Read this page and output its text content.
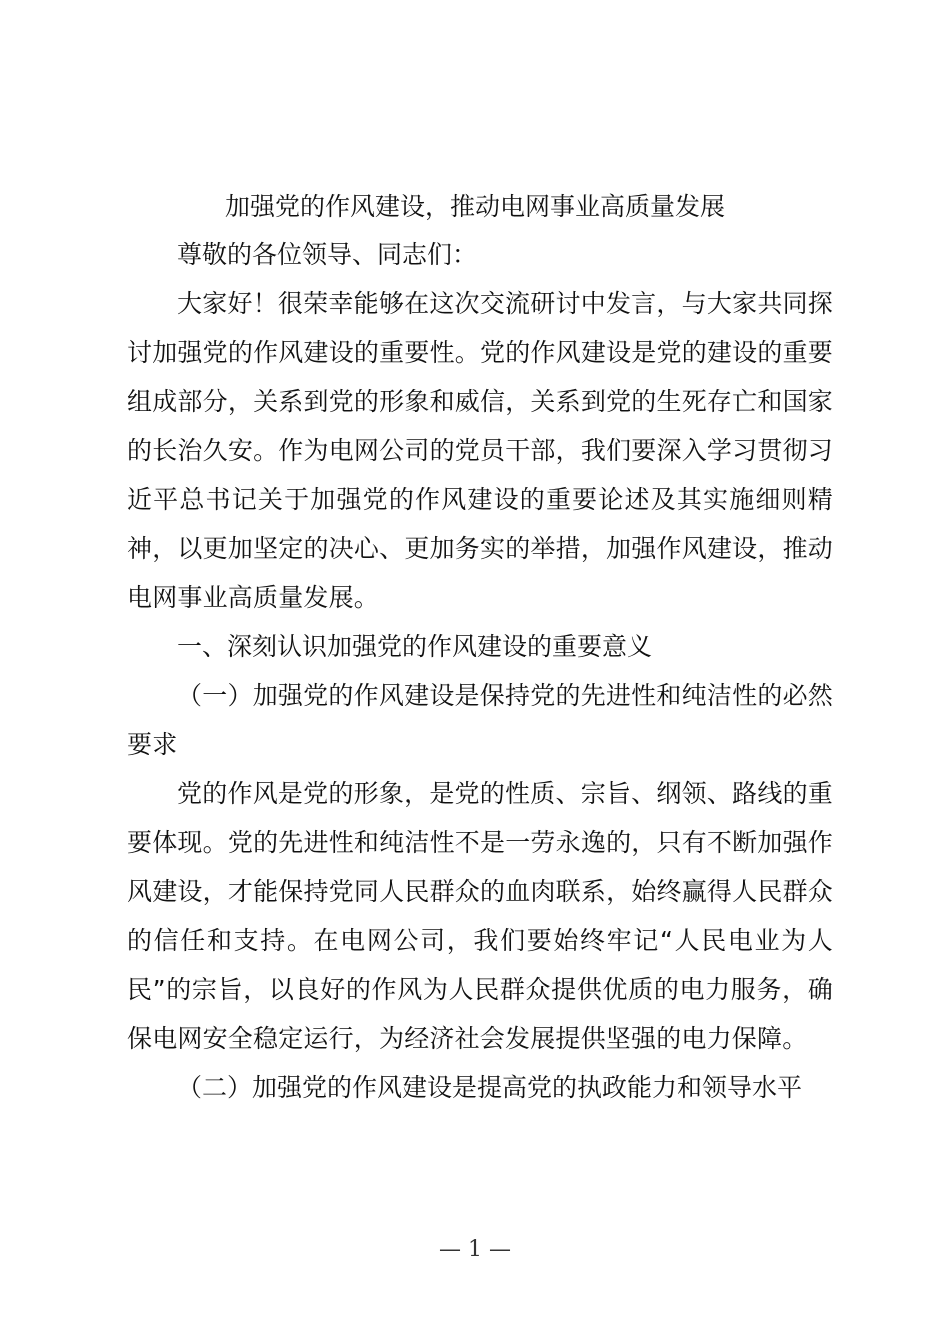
加强党的作风建设，推动电网事业高质量发展

尊敬的各位领导、同志们：

大家好！很荣幸能够在这次交流研讨中发言，与大家共同探讨加强党的作风建设的重要性。党的作风建设是党的建设的重要组成部分，关系到党的形象和威信，关系到党的生死存亡和国家的长治久安。作为电网公司的党员干部，我们要深入学习贯彻习近平总书记关于加强党的作风建设的重要论述及其实施细则精神，以更加坚定的决心、更加务实的举措，加强作风建设，推动电网事业高质量发展。

一、深刻认识加强党的作风建设的重要意义

（一）加强党的作风建设是保持党的先进性和纯洁性的必然要求

党的作风是党的形象，是党的性质、宗旨、纲领、路线的重要体现。党的先进性和纯洁性不是一劳永逸的，只有不断加强作风建设，才能保持党同人民群众的血肉联系，始终赢得人民群众的信任和支持。在电网公司，我们要始终牢记“人民电业为人民”的宗旨，以良好的作风为人民群众提供优质的电力服务，确保电网安全稳定运行，为经济社会发展提供坚强的电力保障。

（二）加强党的作风建设是提高党的执政能力和领导水平

— 1 —
